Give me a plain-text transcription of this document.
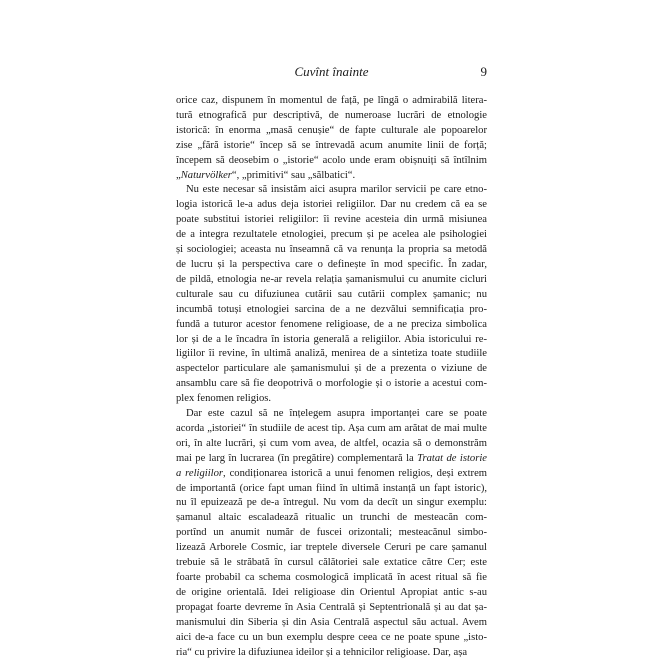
Cuvînt înainte	9
orice caz, dispunem în momentul de față, pe lîngă o admirabilă litera-
tură etnografică pur descriptivă, de numeroase lucrări de etnologie
istorică: în enorma „masă cenușie“ de fapte culturale ale popoarelor
zise „fără istorie“ încep să se întrevadă acum anumite linii de forță;
începem să deosebim o „istorie“ acolo unde eram obișnuiți să întîlnim
„Naturvölker“, „primitivi“ sau „sălbatici“.
Nu este necesar să insistăm aici asupra marilor servicii pe care etno-
logia istorică le-a adus deja istoriei religiilor. Dar nu credem că ea se
poate substitui istoriei religiilor: îi revine acesteia din urmă misiunea
de a integra rezultatele etnologiei, precum și pe acelea ale psihologiei
și sociologiei; aceasta nu înseamnă că va renunța la propria sa metodă
de lucru și la perspectiva care o definește în mod specific. În zadar,
de pildă, etnologia ne-ar revela relația șamanismului cu anumite cicluri
culturale sau cu difuziunea cutării sau cutării complex șamanic; nu
incumbă totuși etnologiei sarcina de a ne dezvălui semnificația pro-
fundă a tuturor acestor fenomene religioase, de a ne preciza simbolica
lor și de a le încadra în istoria generală a religiilor. Abia istoricului re-
ligiilor îi revine, în ultimă analiză, menirea de a sintetiza toate studiile
aspectelor particulare ale șamanismului și de a prezenta o viziune de
ansamblu care să fie deopotrivă o morfologie și o istorie a acestui com-
plex fenomen religios.
Dar este cazul să ne înțelegem asupra importanței care se poate
acorda „istoriei“ în studiile de acest tip. Așa cum am arătat de mai multe
ori, în alte lucrări, și cum vom avea, de altfel, ocazia să o demonstrăm
mai pe larg în lucrarea (în pregătire) complementară la Tratat de istorie
a religiilor, condiționarea istorică a unui fenomen religios, deși extrem
de importantă (orice fapt uman fiind în ultimă instanță un fapt istoric),
nu îl epuizează pe de-a întregul. Nu vom da decît un singur exemplu:
șamanul altaic escaladează ritualic un trunchi de mesteacăn com-
portînd un anumit număr de fuscei orizontali; mesteacănul simbo-
lizează Arborele Cosmic, iar treptele diversele Ceruri pe care șamanul
trebuie să le străbată în cursul călătoriei sale extatice către Cer; este
foarte probabil ca schema cosmologică implicată în acest ritual să fie
de origine orientală. Idei religioase din Orientul Apropiat antic s-au
propagat foarte devreme în Asia Centrală și Septentrională și au dat șa-
manismului din Siberia și din Asia Centrală aspectul său actual. Avem
aici de-a face cu un bun exemplu despre ceea ce ne poate spune „isto-
ria“ cu privire la difuziunea ideilor și a tehnicilor religioase. Dar, așa
